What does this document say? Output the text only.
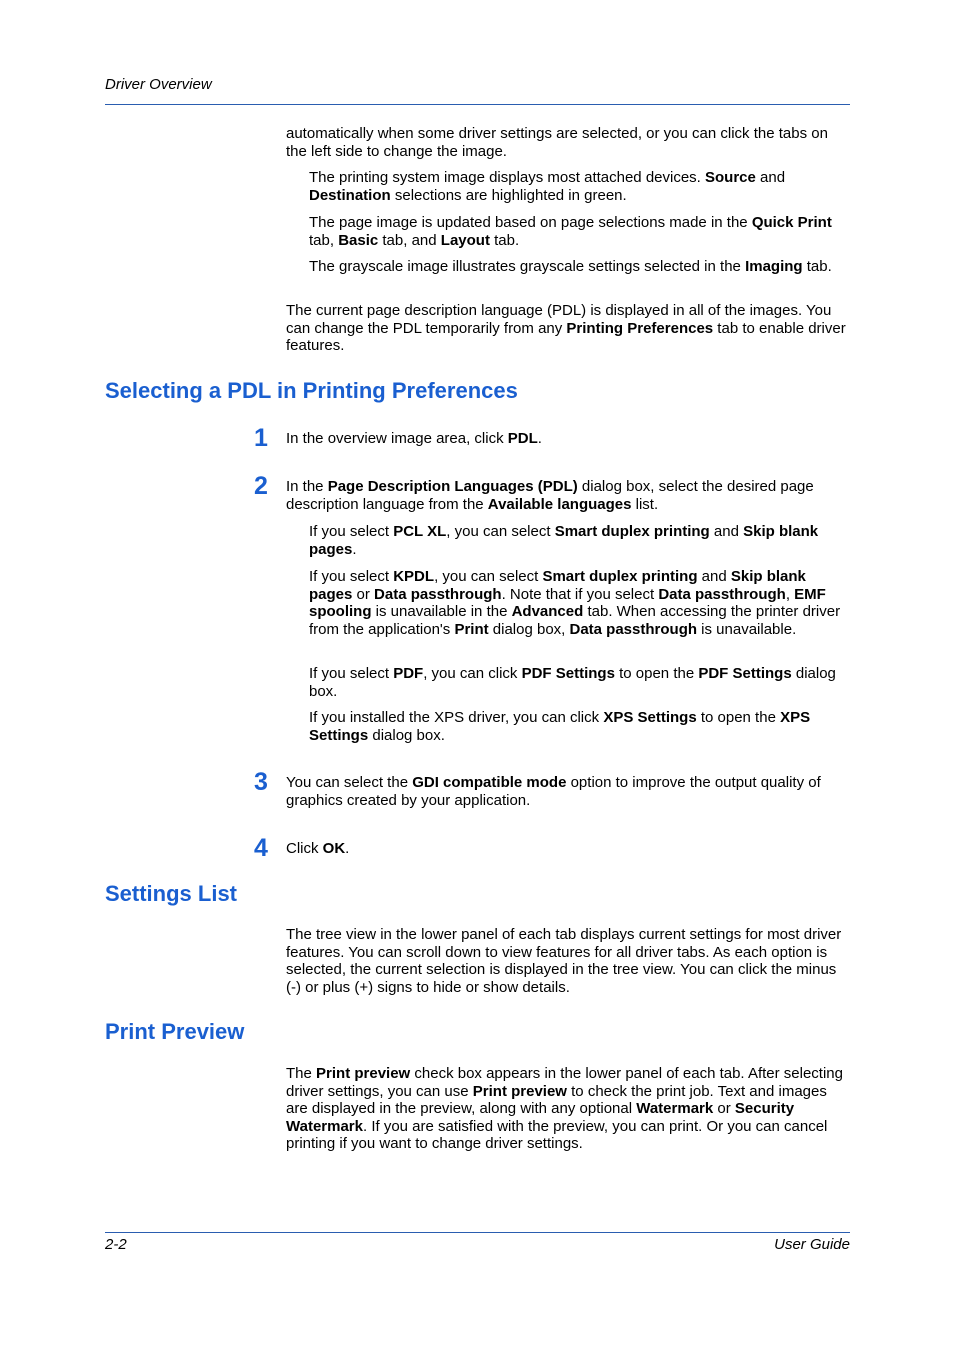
Driver Overview

automatically when some driver settings are selected, or you can click the tabs on the left side to change the image.

The printing system image displays most attached devices. Source and Destination selections are highlighted in green.

The page image is updated based on page selections made in the Quick Print tab, Basic tab, and Layout tab.

The grayscale image illustrates grayscale settings selected in the Imaging tab.

The current page description language (PDL) is displayed in all of the images. You can change the PDL temporarily from any Printing Preferences tab to enable driver features.

Selecting a PDL in Printing Preferences
1	In the overview image area, click PDL.

2	In the Page Description Languages (PDL) dialog box, select the desired page description language from the Available languages list.

If you select PCL XL, you can select Smart duplex printing and Skip blank pages.

If you select KPDL, you can select Smart duplex printing and Skip blank pages or Data passthrough. Note that if you select Data passthrough, EMF spooling is unavailable in the Advanced tab. When accessing the printer driver from the application's Print dialog box, Data passthrough is unavailable.

If you select PDF, you can click PDF Settings to open the PDF Settings dialog box.

If you installed the XPS driver, you can click XPS Settings to open the XPS Settings dialog box.

3	You can select the GDI compatible mode option to improve the output quality of graphics created by your application.

4	Click OK.

Settings List

The tree view in the lower panel of each tab displays current settings for most driver features. You can scroll down to view features for all driver tabs. As each option is selected, the current selection is displayed in the tree view. You can click the minus (-) or plus (+) signs to hide or show details.

Print Preview

The Print preview check box appears in the lower panel of each tab. After selecting driver settings, you can use Print preview to check the print job. Text and images are displayed in the preview, along with any optional Watermark or Security Watermark. If you are satisfied with the preview, you can print. Or you can cancel printing if you want to change driver settings.

2-2	User Guide
